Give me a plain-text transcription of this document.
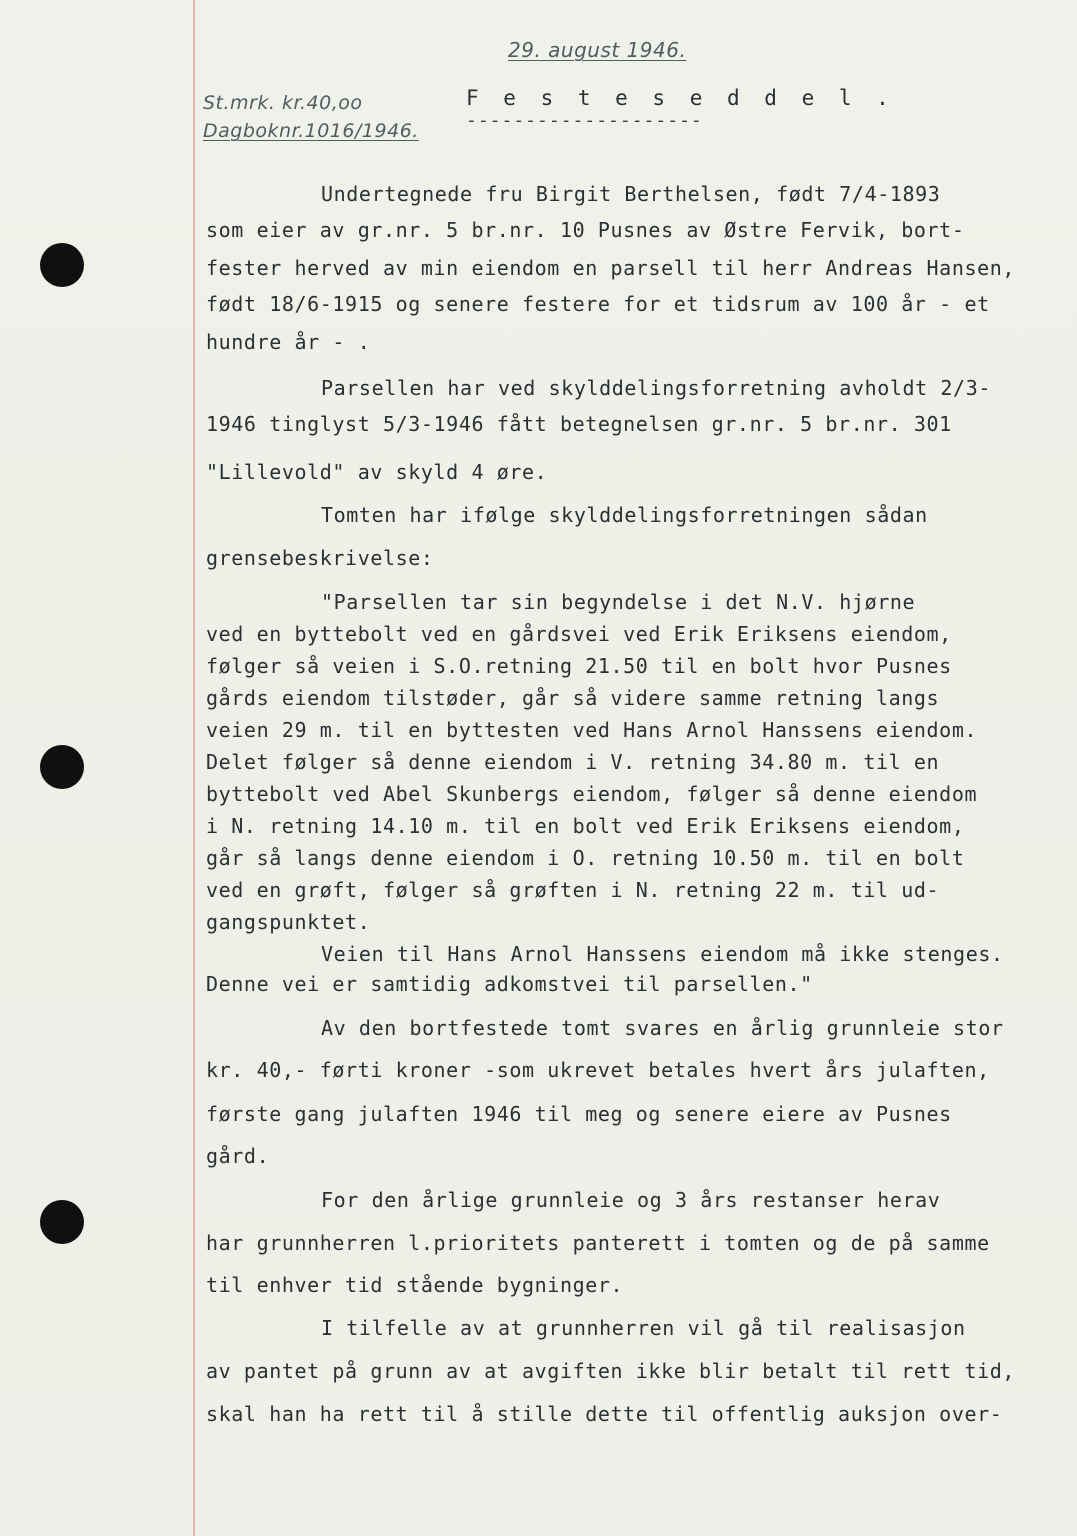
29. august 1946.
St.mrk. kr.40,oo
Dagboknr.1016/1946.
F e s t e s e d d e l .
--------------------
Undertegnede fru Birgit Berthelsen, født 7/4-1893
som eier av gr.nr. 5 br.nr. 10 Pusnes av Østre Fervik, bort-
fester herved av min eiendom en parsell til herr Andreas Hansen,
født 18/6-1915 og senere festere for et tidsrum av 100 år - et
hundre år - .
Parsellen har ved skylddelingsforretning avholdt 2/3-
1946 tinglyst 5/3-1946 fått betegnelsen gr.nr. 5 br.nr. 301
"Lillevold" av skyld 4 øre.
Tomten har ifølge skylddelingsforretningen sådan
grensebeskrivelse:
"Parsellen tar sin begyndelse i det N.V. hjørne
ved en byttebolt ved en gårdsvei ved Erik Eriksens eiendom,
følger så veien i S.O.retning 21.50 til en bolt hvor Pusnes
gårds eiendom tilstøder, går så videre samme retning langs
veien 29 m. til en byttesten ved Hans Arnol Hanssens eiendom.
Delet følger så denne eiendom i V. retning 34.80 m. til en
byttebolt ved Abel Skunbergs eiendom, følger så denne eiendom
i N. retning 14.10 m. til en bolt ved Erik Eriksens eiendom,
går så langs denne eiendom i O. retning 10.50 m. til en bolt
ved en grøft, følger så grøften i N. retning 22 m. til ud-
gangspunktet.
Veien til Hans Arnol Hanssens eiendom må ikke stenges.
Denne vei er samtidig adkomstvei til parsellen."
Av den bortfestede tomt svares en årlig grunnleie stor
kr. 40,- førti kroner -som ukrevet betales hvert års julaften,
første gang julaften 1946 til meg og senere eiere av Pusnes
gård.
For den årlige grunnleie og 3 års restanser herav
har grunnherren l.prioritets panterett i tomten og de på samme
til enhver tid stående bygninger.
I tilfelle av at grunnherren vil gå til realisasjon
av pantet på grunn av at avgiften ikke blir betalt til rett tid,
skal han ha rett til å stille dette til offentlig auksjon over-
